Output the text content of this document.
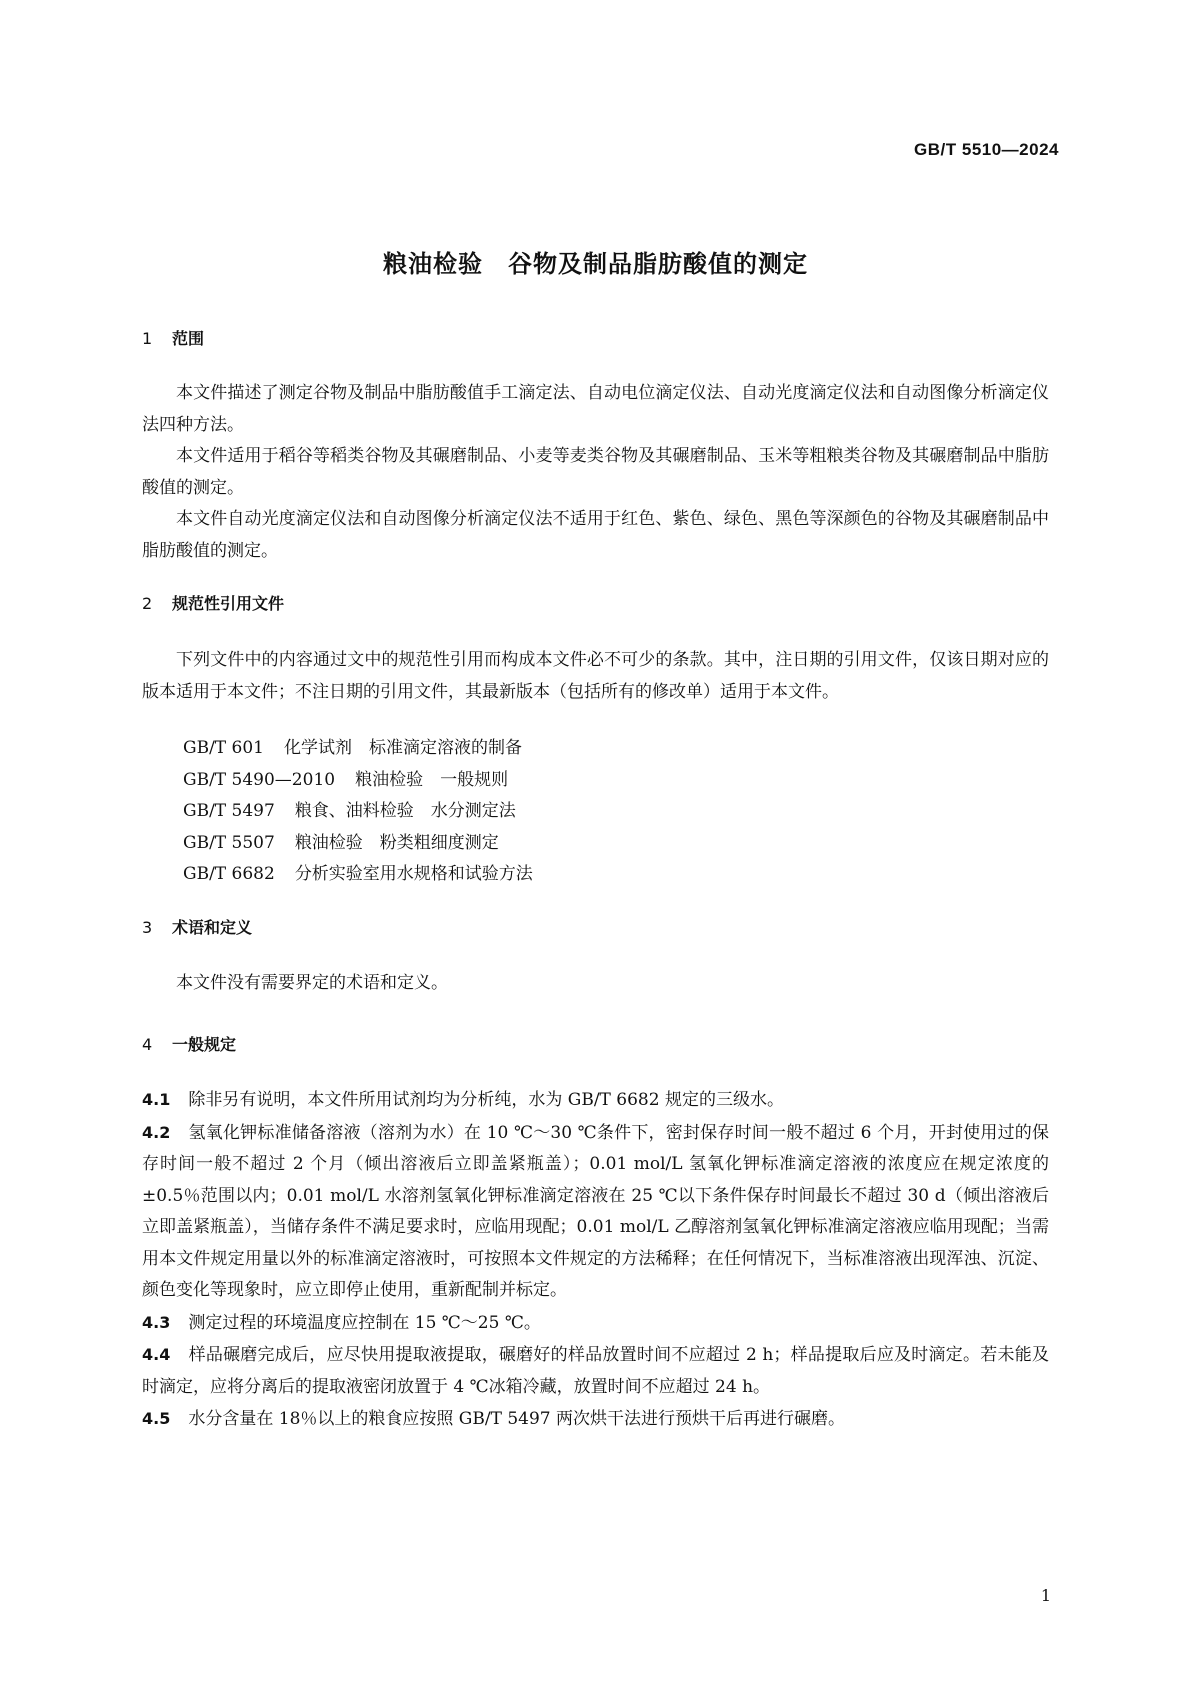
GB/T 5510—2024
粮油检验　谷物及制品脂肪酸值的测定
1 范围

本文件描述了测定谷物及制品中脂肪酸值手工滴定法、自动电位滴定仪法、自动光度滴定仪法和自动图像分析滴定仪法四种方法。

本文件适用于稻谷等稻类谷物及其碾磨制品、小麦等麦类谷物及其碾磨制品、玉米等粗粮类谷物及其碾磨制品中脂肪酸值的测定。

本文件自动光度滴定仪法和自动图像分析滴定仪法不适用于红色、紫色、绿色、黑色等深颜色的谷物及其碾磨制品中脂肪酸值的测定。

2 规范性引用文件

下列文件中的内容通过文中的规范性引用而构成本文件必不可少的条款。其中，注日期的引用文件，仅该日期对应的版本适用于本文件；不注日期的引用文件，其最新版本（包括所有的修改单）适用于本文件。

GB/T 601 化学试剂　标准滴定溶液的制备
GB/T 5490—2010 粮油检验　一般规则
GB/T 5497 粮食、油料检验　水分测定法
GB/T 5507 粮油检验　粉类粗细度测定
GB/T 6682 分析实验室用水规格和试验方法
3 术语和定义

本文件没有需要界定的术语和定义。

4 一般规定

4.1 除非另有说明，本文件所用试剂均为分析纯，水为 GB/T 6682 规定的三级水。

4.2 氢氧化钾标准储备溶液（溶剂为水）在 10 ℃～30 ℃条件下，密封保存时间一般不超过 6 个月，开封使用过的保存时间一般不超过 2 个月（倾出溶液后立即盖紧瓶盖）；0.01 mol/L 氢氧化钾标准滴定溶液的浓度应在规定浓度的±0.5％范围以内；0.01 mol/L 水溶剂氢氧化钾标准滴定溶液在 25 ℃以下条件保存时间最长不超过 30 d（倾出溶液后立即盖紧瓶盖），当储存条件不满足要求时，应临用现配；0.01 mol/L 乙醇溶剂氢氧化钾标准滴定溶液应临用现配；当需用本文件规定用量以外的标准滴定溶液时，可按照本文件规定的方法稀释；在任何情况下，当标准溶液出现浑浊、沉淀、颜色变化等现象时，应立即停止使用，重新配制并标定。

4.3 测定过程的环境温度应控制在 15 ℃～25 ℃。

4.4 样品碾磨完成后，应尽快用提取液提取，碾磨好的样品放置时间不应超过 2 h；样品提取后应及时滴定。若未能及时滴定，应将分离后的提取液密闭放置于 4 ℃冰箱冷藏，放置时间不应超过 24 h。

4.5 水分含量在 18％以上的粮食应按照 GB/T 5497 两次烘干法进行预烘干后再进行碾磨。

1
